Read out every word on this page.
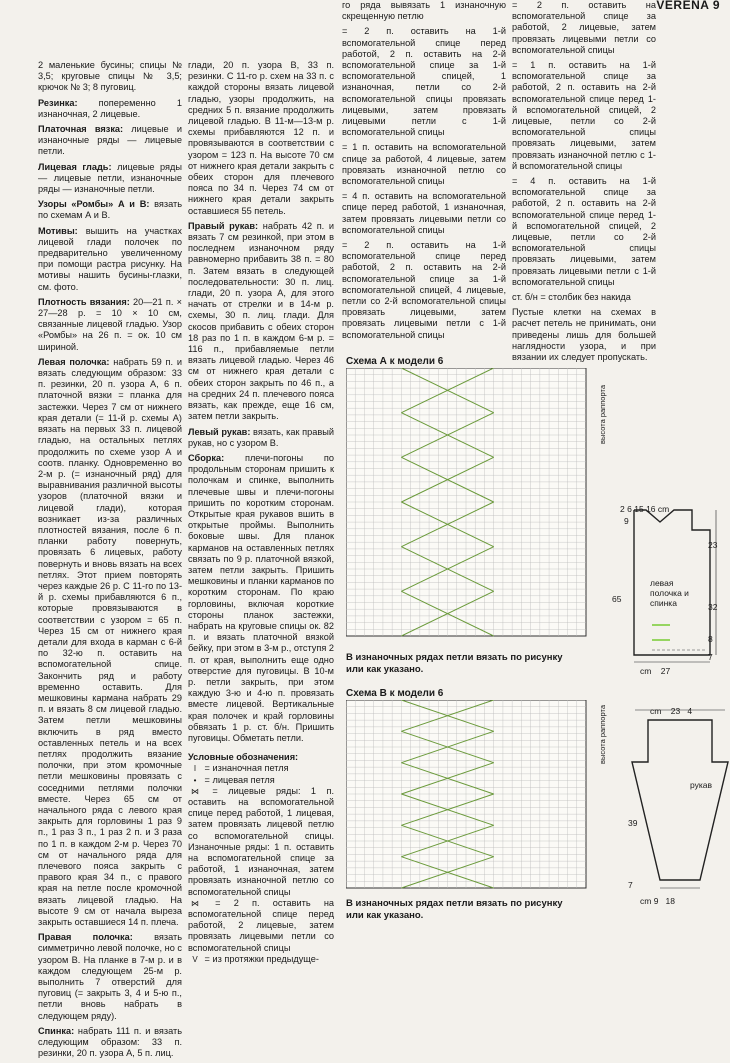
VERENA 9

2 маленькие бусины; спицы № 3,5; круговые спицы № 3,5; крючок № 3; 8 пуговиц.

Резинка: попеременно 1 изнаночная, 2 лицевые.

Платочная вязка: лицевые и изнаночные ряды — лицевые петли.

Лицевая гладь: лицевые ряды — лицевые петли, изнаночные ряды — изнаночные петли.

Узоры «Ромбы» А и В: вязать по схемам А и В.

Мотивы: вышить на участках лицевой глади полочек по предварительно увеличенному при помощи растра рисунку. На мотивы нашить бусины-глазки, см. фото.

Плотность вязания: 20—21 п. × 27—28 р. = 10 × 10 см, связанные лицевой гладью. Узор «Ромбы» на 26 п. = ок. 10 см шириной.

Левая полочка: набрать 59 п. и вязать следующим образом: 33 п. резинки, 20 п. узора А, 6 п. платочной вязки = планка для застежки. Через 7 см от нижнего края детали (= 11-й р. схемы А) вязать на первых 33 п. лицевой гладью, на остальных петлях продолжить по схеме узор А и соотв. планку. Одновременно во 2-м р. (= изнаночный ряд) для выравнивания различной высоты узоров (платочной вязки и лицевой глади), которая возникает из-за различных плотностей вязания, после 6 п. планки работу повернуть, провязать 6 лицевых, работу повернуть и вновь вязать на всех петлях. Этот прием повторять через каждые 26 р. С 11-го по 13-й р. схемы прибавляются 6 п., которые провязываются в соответствии с узором = 65 п. Через 15 см от нижнего края детали для входа в карман с 6-й по 32-ю п. оставить на вспомогательной спице. Закончить ряд и работу временно оставить. Для мешковины кармана набрать 29 п. и вязать 8 см лицевой гладью. Затем петли мешковины включить в ряд вместо оставленных петель и на всех петлях продолжить вязание полочки, при этом кромочные петли мешковины провязать с соседними петлями полочки вместе. Через 65 см от начального ряда с левого края закрыть для горловины 1 раз 9 п., 1 раз 3 п., 1 раз 2 п. и 3 раза по 1 п. в каждом 2-м р. Через 70 см от начального ряда для плечевого пояса закрыть с правого края 34 п., с правого края на петле после кромочной вязать лицевой гладью. На высоте 9 см от начала выреза закрыть оставшиеся 14 п. плеча.

Правая полочка: вязать симметрично левой полочке, но с узором В. На планке в 7-м р. и в каждом следующем 25-м р. выполнить 7 отверстий для пуговиц (= закрыть 3, 4 и 5-ю п., петли вновь набрать в следующем ряду).

Спинка: набрать 111 п. и вязать следующим образом: 33 п. резинки, 20 п. узора А, 5 п. лиц.

глади, 20 п. узора В, 33 п. резинки. С 11-го р. схем на 33 п. с каждой стороны вязать лицевой гладью, узоры продолжить, на средних 5 п. вязание продолжить лицевой гладью. В 11-м—13-м р. схемы прибавляются 12 п. и провязываются в соответствии с узором = 123 п. На высоте 70 см от нижнего края детали закрыть с обеих сторон для плечевого пояса по 34 п. Через 74 см от нижнего края детали закрыть оставшиеся 55 петель.

Правый рукав: набрать 42 п. и вязать 7 см резинкой, при этом в последнем изнаночном ряду равномерно прибавить 38 п. = 80 п. Затем вязать в следующей последовательности: 30 п. лиц. глади, 20 п. узора А, для этого начать от стрелки и в 14-м р. схемы, 30 п. лиц. глади. Для скосов прибавить с обеих сторон 18 раз по 1 п. в каждом 6-м р. = 116 п., прибавляемые петли вязать лицевой гладью. Через 46 см от нижнего края детали с обеих сторон закрыть по 46 п., а на средних 24 п. плечевого пояса вязать, как прежде, еще 16 см, затем петли закрыть.

Левый рукав: вязать, как правый рукав, но с узором В.

Сборка: плечи-погоны по продольным сторонам пришить к полочкам и спинке, выполнить плечевые швы и плечи-погоны пришить по коротким сторонам. Открытые края рукавов вшить в открытые проймы. Выполнить боковые швы. Для планок карманов на оставленных петлях связать по 9 р. платочной вязкой, затем петли закрыть. Пришить мешковины и планки карманов по коротким сторонам. По краю горловины, включая короткие стороны планок застежки, набрать на круговые спицы ок. 82 п. и вязать платочной вязкой бейку, при этом в 3-м р., отступя 2 п. от края, выполнить еще одно отверстие для пуговицы. В 10-м р. петли закрыть, при этом каждую 3-ю и 4-ю п. провязать вместе лицевой. Вертикальные края полочек и край горловины обвязать 1 р. ст. б/н. Пришить пуговицы. Обметать петли.

Условные обозначения:
I = изнаночная петля
• = лицевая петля
⋈ = лицевые ряды: 1 п. оставить на вспомогательной спице перед работой, 1 лицевая, затем провязать лицевой петлю со вспомогательной спицы. Изнаночные ряды: 1 п. оставить на вспомогательной спице за работой, 1 изнаночная, затем провязать изнаночной петлю со вспомогательной спицы
⋈ = 2 п. оставить на вспомогательной спице перед работой, 2 лицевые, затем провязать лицевыми петли со вспомогательной спицы
V = из протяжки предыдуще-

го ряда вывязать 1 изнаночную скрещенную петлю

= 2 п. оставить на 1-й вспомогательной спице перед работой, 2 п. оставить на 2-й вспомогательной спице за 1-й вспомогательной спицей, 1 изнаночная, петли со 2-й вспомогательной спицы провязать лицевыми, затем провязать лицевыми петли с 1-й вспомогательной спицы

= 1 п. оставить на вспомогательной спице за работой, 4 лицевые, затем провязать изнаночной петлю со вспомогательной спицы

= 4 п. оставить на вспомогательной спице перед работой, 1 изнаночная, затем провязать лицевыми петли со вспомогательной спицы

= 2 п. оставить на 1-й вспомогательной спице перед работой, 2 п. оставить на 2-й вспомогательной спице за 1-й вспомогательной спицей, 4 лицевые, петли со 2-й вспомогательной спицы провязать лицевыми, затем провязать лицевыми петли с 1-й вспомогательной спицы

= 2 п. оставить на вспомогательной спице за работой, 2 лицевые, затем провязать лицевыми петли со вспомогательной спицы

= 1 п. оставить на 1-й вспомогательной спице за работой, 2 п. оставить на 2-й вспомогательной спице перед 1-й вспомогательной спицей, 2 лицевые, петли со 2-й вспомогательной спицы провязать лицевыми, затем провязать изнаночной петлю с 1-й вспомогательной спицы

= 4 п. оставить на 1-й вспомогательной спице за работой, 2 п. оставить на 2-й вспомогательной спице перед 1-й вспомогательной спицей, 2 лицевые, петли со 2-й вспомогательной спицы провязать лицевыми, затем провязать лицевыми петли с 1-й вспомогательной спицы

ст. б/н = столбик без накида

Пустые клетки на схемах в расчет петель не принимать, они приведены лишь для большей наглядности узора, и при вязании их следует пропускать.

Схема А к модели 6
высота раппорта
В изнаночных рядах петли вязать по рисунку или как указано.
Схема В к модели 6
высота раппорта
В изнаночных рядах петли вязать по рисунку или как указано.
2 6 15 16 cm
9
65
23
32
8
7
левая полочка и спинка
cm 27
cm 23 4
рукав
39
7
cm 9 18
